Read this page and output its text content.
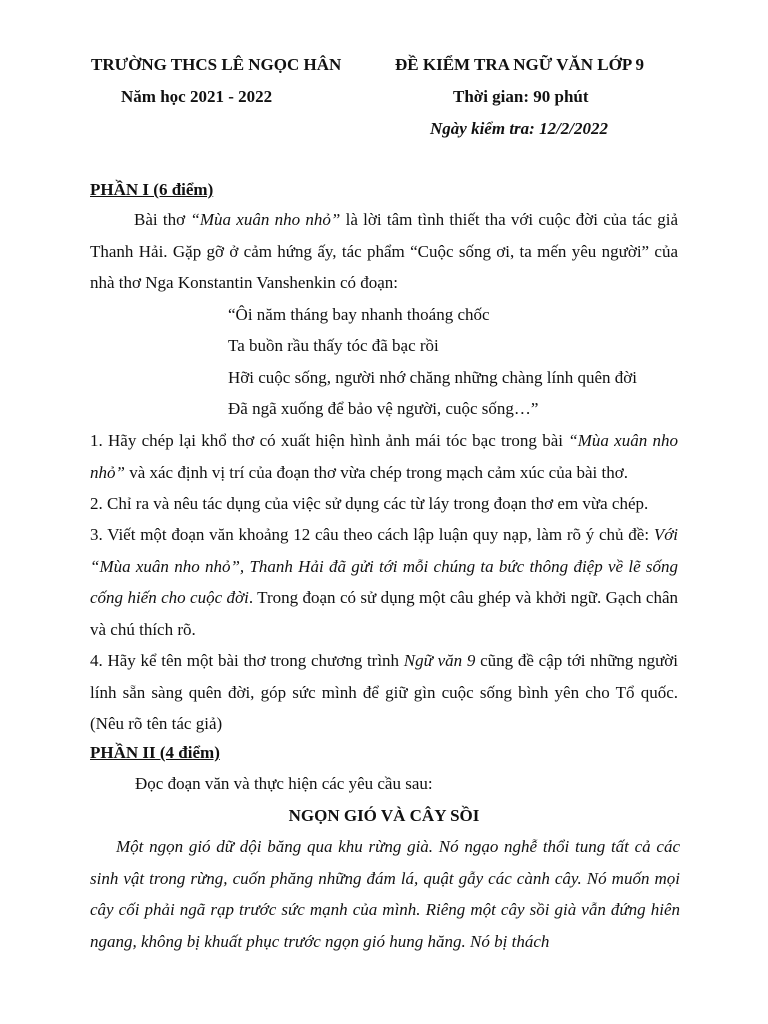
TRƯỜNG THCS LÊ NGỌC HÂN	ĐỀ KIỂM TRA NGỮ VĂN LỚP 9
Năm học 2021 - 2022	Thời gian: 90 phút
Ngày kiểm tra: 12/2/2022
PHẦN I (6 điểm)
Bài thơ “Mùa xuân nho nhỏ” là lời tâm tình thiết tha với cuộc đời của tác giả Thanh Hải. Gặp gỡ ở cảm hứng ấy, tác phẩm “Cuộc sống ơi, ta mến yêu người” của nhà thơ Nga Konstantin Vanshenkin có đoạn:
“Ôi năm tháng bay nhanh thoáng chốc
Ta buồn rầu thấy tóc đã bạc rồi
Hỡi cuộc sống, người nhớ chăng những chàng lính quên đời
Đã ngã xuống để bảo vệ người, cuộc sống…”
1. Hãy chép lại khổ thơ có xuất hiện hình ảnh mái tóc bạc trong bài “Mùa xuân nho nhỏ” và xác định vị trí của đoạn thơ vừa chép trong mạch cảm xúc của bài thơ.
2. Chỉ ra và nêu tác dụng của việc sử dụng các từ láy trong đoạn thơ em vừa chép.
3. Viết một đoạn văn khoảng 12 câu theo cách lập luận quy nạp, làm rõ ý chủ đề: Với “Mùa xuân nho nhỏ”, Thanh Hải đã gửi tới mỗi chúng ta bức thông điệp về lẽ sống cống hiến cho cuộc đời. Trong đoạn có sử dụng một câu ghép và khởi ngữ. Gạch chân và chú thích rõ.
4. Hãy kể tên một bài thơ trong chương trình Ngữ văn 9 cũng đề cập tới những người lính sẵn sàng quên đời, góp sức mình để giữ gìn cuộc sống bình yên cho Tổ quốc. (Nêu rõ tên tác giả)
PHẦN II (4 điểm)
Đọc đoạn văn và thực hiện các yêu cầu sau:
NGỌN GIÓ VÀ CÂY SỒI
Một ngọn gió dữ dội băng qua khu rừng già. Nó ngạo nghễ thổi tung tất cả các sinh vật trong rừng, cuốn phăng những đám lá, quật gẫy các cành cây. Nó muốn mọi cây cối phải ngã rạp trước sức mạnh của mình. Riêng một cây sồi già vẫn đứng hiên ngang, không bị khuất phục trước ngọn gió hung hăng. Nó bị thách
